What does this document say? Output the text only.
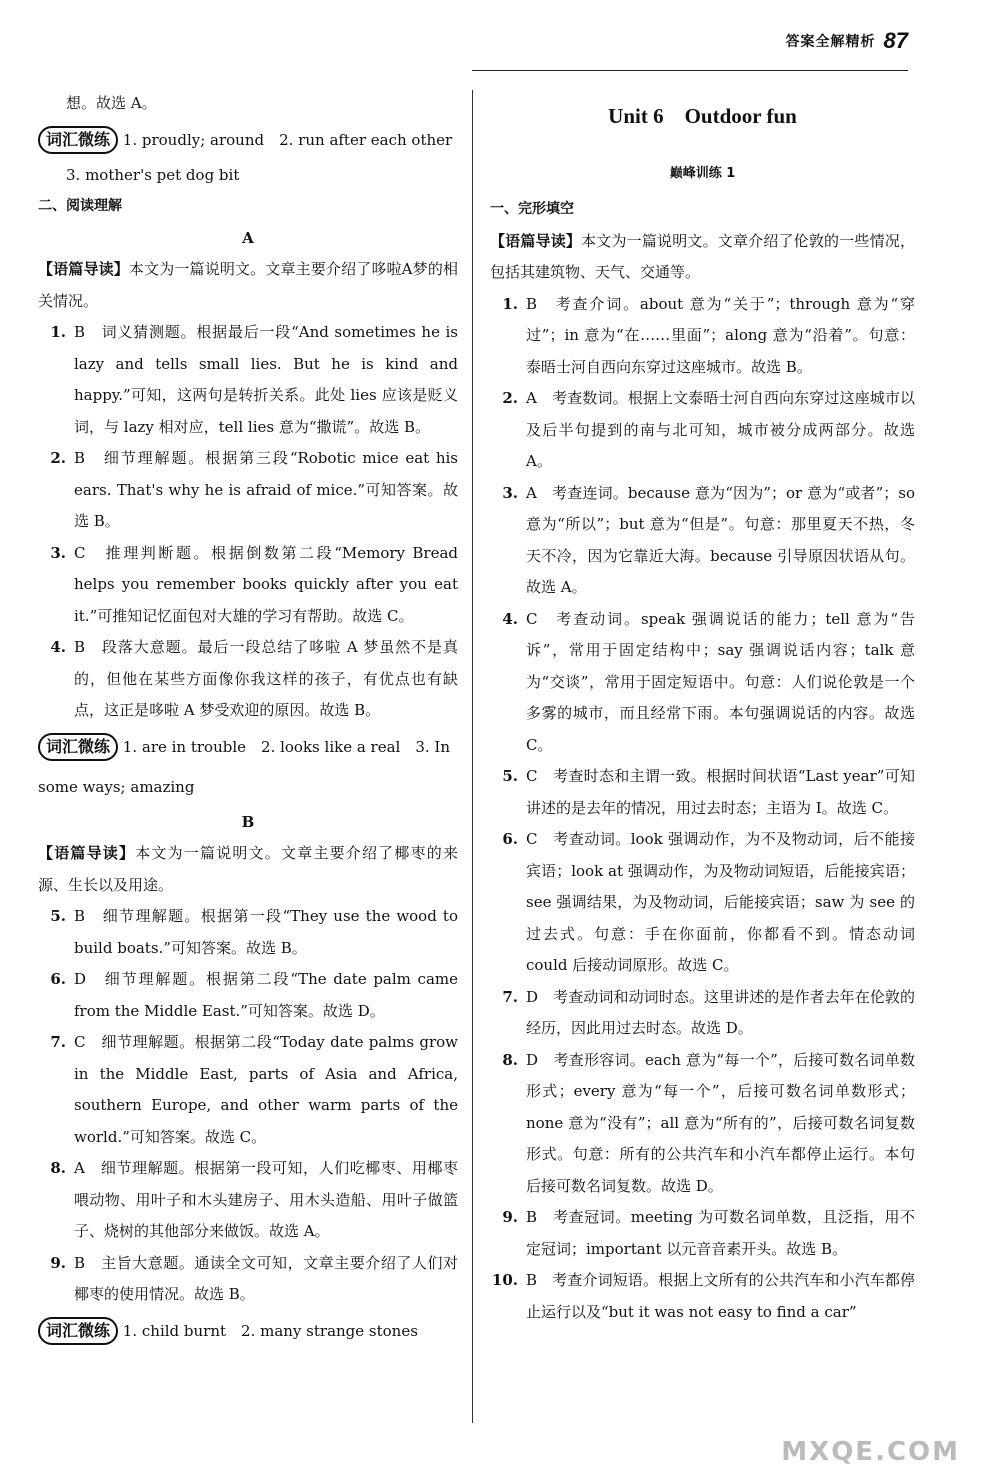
答案全解精析 87

想。故选 A。

词汇微练 1. proudly; around　2. run after each other

3. mother's pet dog bit

二、阅读理解
A
【语篇导读】本文为一篇说明文。文章主要介绍了哆啦A梦的相关情况。
1. B　词义猜测题。根据最后一段“And sometimes he is lazy and tells small lies. But he is kind and happy.”可知，这两句是转折关系。此处 lies 应该是贬义词，与 lazy 相对应，tell lies 意为“撒谎”。故选 B。
2. B　细节理解题。根据第三段“Robotic mice eat his ears. That's why he is afraid of mice.”可知答案。故选 B。
3. C　推理判断题。根据倒数第二段“Memory Bread helps you remember books quickly after you eat it.”可推知记忆面包对大雄的学习有帮助。故选 C。
4. B　段落大意题。最后一段总结了哆啦 A 梦虽然不是真的，但他在某些方面像你我这样的孩子，有优点也有缺点，这正是哆啦 A 梦受欢迎的原因。故选 B。
词汇微练 1. are in trouble　2. looks like a real　3. In some ways; amazing
B
【语篇导读】本文为一篇说明文。文章主要介绍了椰枣的来源、生长以及用途。
5. B　细节理解题。根据第一段“They use the wood to build boats.”可知答案。故选 B。
6. D　细节理解题。根据第二段“The date palm came from the Middle East.”可知答案。故选 D。
7. C　细节理解题。根据第二段“Today date palms grow in the Middle East, parts of Asia and Africa, southern Europe, and other warm parts of the world.”可知答案。故选 C。
8. A　细节理解题。根据第一段可知，人们吃椰枣、用椰枣喂动物、用叶子和木头建房子、用木头造船、用叶子做篮子、烧树的其他部分来做饭。故选 A。
9. B　主旨大意题。通读全文可知，文章主要介绍了人们对椰枣的使用情况。故选 B。
词汇微练 1. child burnt　2. many strange stones
Unit 6　Outdoor fun
巅峰训练 1
一、完形填空
【语篇导读】本文为一篇说明文。文章介绍了伦敦的一些情况，包括其建筑物、天气、交通等。
1. B　考查介词。about 意为“关于”；through 意为“穿过”；in 意为“在……里面”；along 意为“沿着”。句意：泰晤士河自西向东穿过这座城市。故选 B。
2. A　考查数词。根据上文泰晤士河自西向东穿过这座城市以及后半句提到的南与北可知，城市被分成两部分。故选 A。
3. A　考查连词。because 意为“因为”；or 意为“或者”；so 意为“所以”；but 意为“但是”。句意：那里夏天不热，冬天不冷，因为它靠近大海。because 引导原因状语从句。故选 A。
4. C　考查动词。speak 强调说话的能力；tell 意为“告诉”，常用于固定结构中；say 强调说话内容；talk 意为“交谈”，常用于固定短语中。句意：人们说伦敦是一个多雾的城市，而且经常下雨。本句强调说话的内容。故选 C。
5. C　考查时态和主谓一致。根据时间状语“Last year”可知讲述的是去年的情况，用过去时态；主语为 I。故选 C。
6. C　考查动词。look 强调动作，为不及物动词，后不能接宾语；look at 强调动作，为及物动词短语，后能接宾语；see 强调结果，为及物动词，后能接宾语；saw 为 see 的过去式。句意：手在你面前，你都看不到。情态动词 could 后接动词原形。故选 C。
7. D　考查动词和动词时态。这里讲述的是作者去年在伦敦的经历，因此用过去时态。故选 D。
8. D　考查形容词。each 意为“每一个”，后接可数名词单数形式；every 意为“每一个”，后接可数名词单数形式；none 意为“没有”；all 意为“所有的”，后接可数名词复数形式。句意：所有的公共汽车和小汽车都停止运行。本句后接可数名词复数。故选 D。
9. B　考查冠词。meeting 为可数名词单数，且泛指，用不定冠词；important 以元音音素开头。故选 B。
10. B　考查介词短语。根据上文所有的公共汽车和小汽车都停止运行以及“but it was not easy to find a car”
MXQE.COM
